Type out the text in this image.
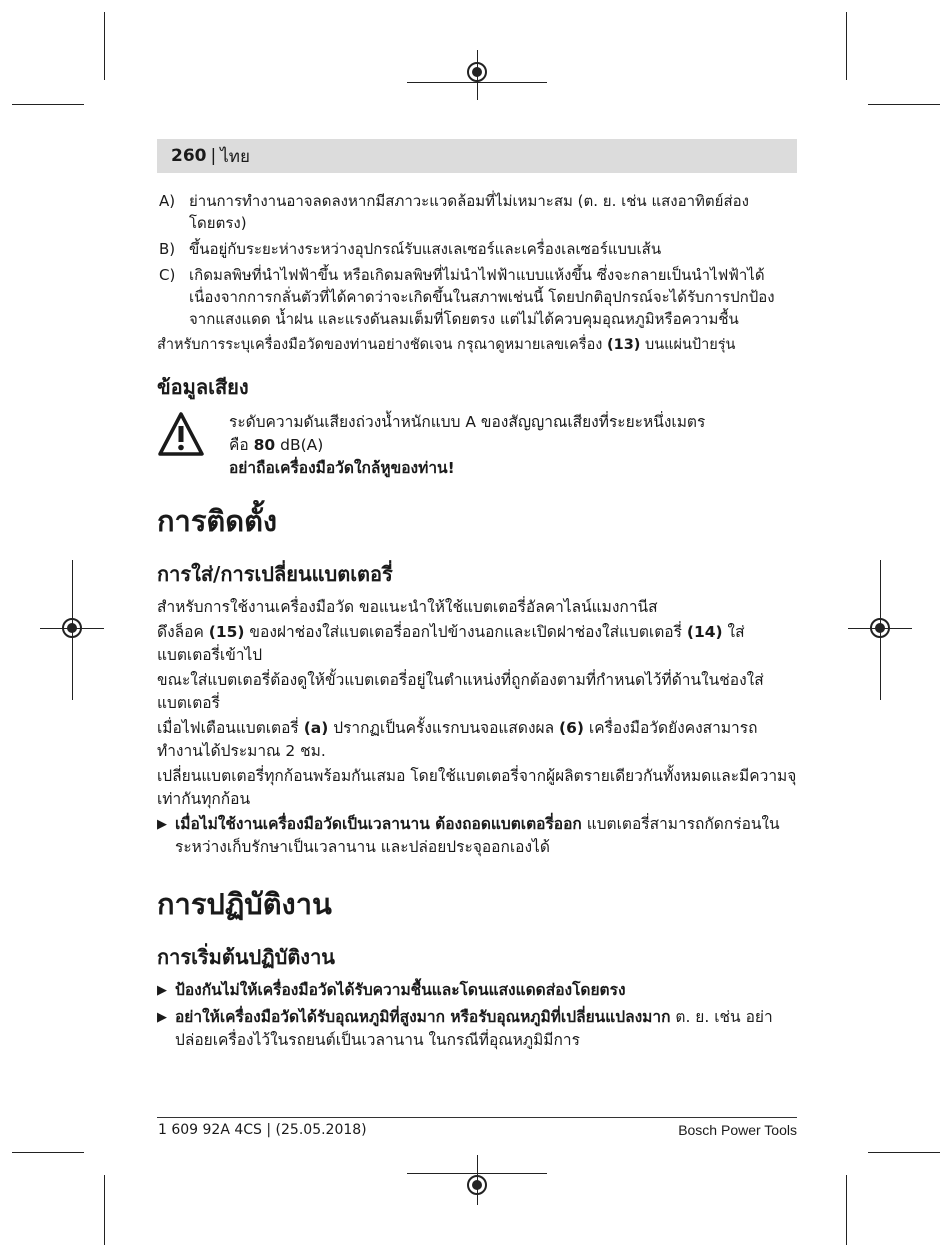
260 | ไทย
A) ย่านการทำงานอาจลดลงหากมีสภาวะแวดล้อมที่ไม่เหมาะสม (ต. ย. เช่น แสงอาทิตย์ส่องโดยตรง)
B) ขึ้นอยู่กับระยะห่างระหว่างอุปกรณ์รับแสงเลเซอร์และเครื่องเลเซอร์แบบเส้น
C) เกิดมลพิษที่นำไฟฟ้าขึ้น หรือเกิดมลพิษที่ไม่นำไฟฟ้าแบบแห้งขึ้น ซึ่งจะกลายเป็นนำไฟฟ้าได้เนื่องจากการกลั่นตัวที่ได้คาดว่าจะเกิดขึ้นในสภาพเช่นนี้ โดยปกติอุปกรณ์จะได้รับการปกป้องจากแสงแดด น้ำฝน และแรงดันลมเต็มที่โดยตรง แต่ไม่ได้ควบคุมอุณหภูมิหรือความชื้น

สำหรับการระบุเครื่องมือวัดของท่านอย่างชัดเจน กรุณาดูหมายเลขเครื่อง (13) บนแผ่นป้ายรุ่น

ข้อมูลเสียง
ระดับความดันเสียงถ่วงน้ำหนักแบบ A ของสัญญาณเสียงที่ระยะหนึ่งเมตร
คือ 80 dB(A)
อย่าถือเครื่องมือวัดใกล้หูของท่าน!
การติดตั้ง
การใส่/การเปลี่ยนแบตเตอรี่

สำหรับการใช้งานเครื่องมือวัด ขอแนะนำให้ใช้แบตเตอรี่อัลคาไลน์แมงกานีส

ดึงล็อค (15) ของฝาช่องใส่แบตเตอรี่ออกไปข้างนอกและเปิดฝาช่องใส่แบตเตอรี่ (14) ใส่แบตเตอรี่เข้าไป

ขณะใส่แบตเตอรี่ต้องดูให้ขั้วแบตเตอรี่อยู่ในตำแหน่งที่ถูกต้องตามที่กำหนดไว้ที่ด้านในช่องใส่แบตเตอรี่

เมื่อไฟเตือนแบตเตอรี่ (a) ปรากฏเป็นครั้งแรกบนจอแสดงผล (6) เครื่องมือวัดยังคงสามารถทำงานได้ประมาณ 2 ชม.

เปลี่ยนแบตเตอรี่ทุกก้อนพร้อมกันเสมอ โดยใช้แบตเตอรี่จากผู้ผลิตรายเดียวกันทั้งหมดและมีความจุเท่ากันทุกก้อน

▶ เมื่อไม่ใช้งานเครื่องมือวัดเป็นเวลานาน ต้องถอดแบตเตอรี่ออก แบตเตอรี่สามารถกัดกร่อนในระหว่างเก็บรักษาเป็นเวลานาน และปล่อยประจุออกเองได้
การปฏิบัติงาน
การเริ่มต้นปฏิบัติงาน
▶ ป้องกันไม่ให้เครื่องมือวัดได้รับความชื้นและโดนแสงแดดส่องโดยตรง
▶ อย่าให้เครื่องมือวัดได้รับอุณหภูมิที่สูงมาก หรือรับอุณหภูมิที่เปลี่ยนแปลงมาก ต. ย. เช่น อย่าปล่อยเครื่องไว้ในรถยนต์เป็นเวลานาน ในกรณีที่อุณหภูมิมีการ
1 609 92A 4CS | (25.05.2018)	Bosch Power Tools
